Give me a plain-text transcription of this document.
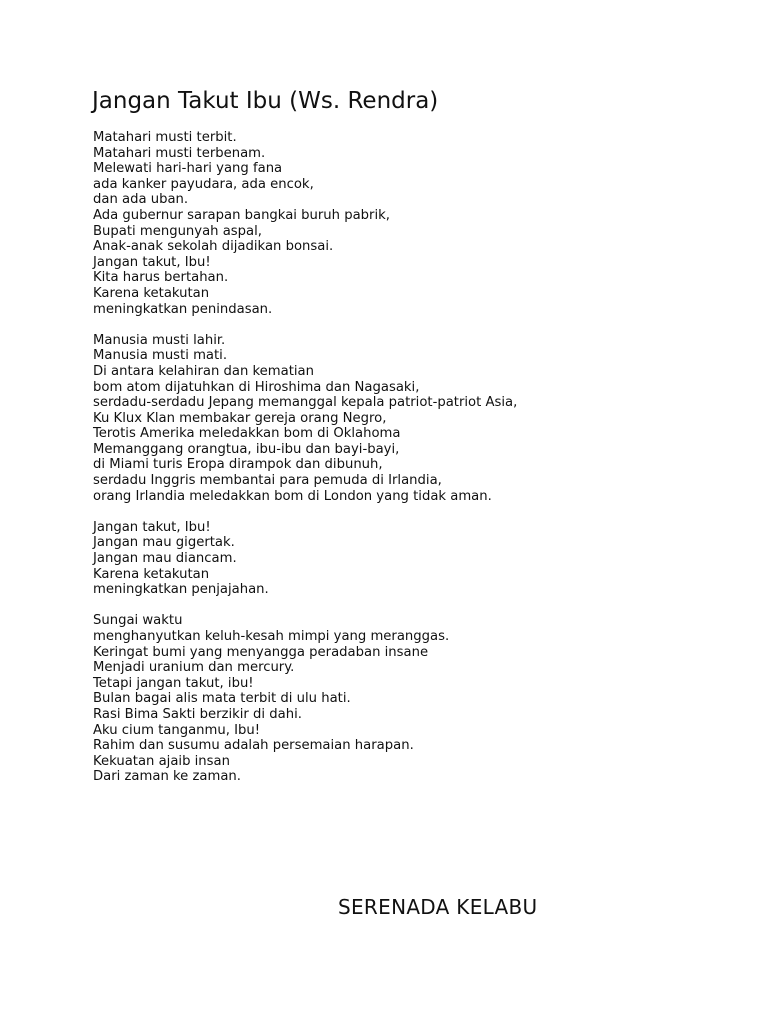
Jangan Takut Ibu (Ws. Rendra)
Matahari musti terbit.
Matahari musti terbenam.
Melewati hari-hari yang fana
ada kanker payudara, ada encok,
dan ada uban.
Ada gubernur sarapan bangkai buruh pabrik,
Bupati mengunyah aspal,
Anak-anak sekolah dijadikan bonsai.
Jangan takut, Ibu!
Kita harus bertahan.
Karena ketakutan
meningkatkan penindasan.
Manusia musti lahir.
Manusia musti mati.
Di antara kelahiran dan kematian
bom atom dijatuhkan di Hiroshima dan Nagasaki,
serdadu-serdadu Jepang memanggal kepala patriot-patriot Asia,
Ku Klux Klan membakar gereja orang Negro,
Terotis Amerika meledakkan bom di Oklahoma
Memanggang orangtua, ibu-ibu dan bayi-bayi,
di Miami turis Eropa dirampok dan dibunuh,
serdadu Inggris membantai para pemuda di Irlandia,
orang Irlandia meledakkan bom di London yang tidak aman.
Jangan takut, Ibu!
Jangan mau gigertak.
Jangan mau diancam.
Karena ketakutan
meningkatkan penjajahan.
Sungai waktu
menghanyutkan keluh-kesah mimpi yang meranggas.
Keringat bumi yang menyangga peradaban insane
Menjadi uranium dan mercury.
Tetapi jangan takut, ibu!
Bulan bagai alis mata terbit di ulu hati.
Rasi Bima Sakti berzikir di dahi.
Aku cium tanganmu, Ibu!
Rahim dan susumu adalah persemaian harapan.
Kekuatan ajaib insan
Dari zaman ke zaman.
SERENADA KELABU
